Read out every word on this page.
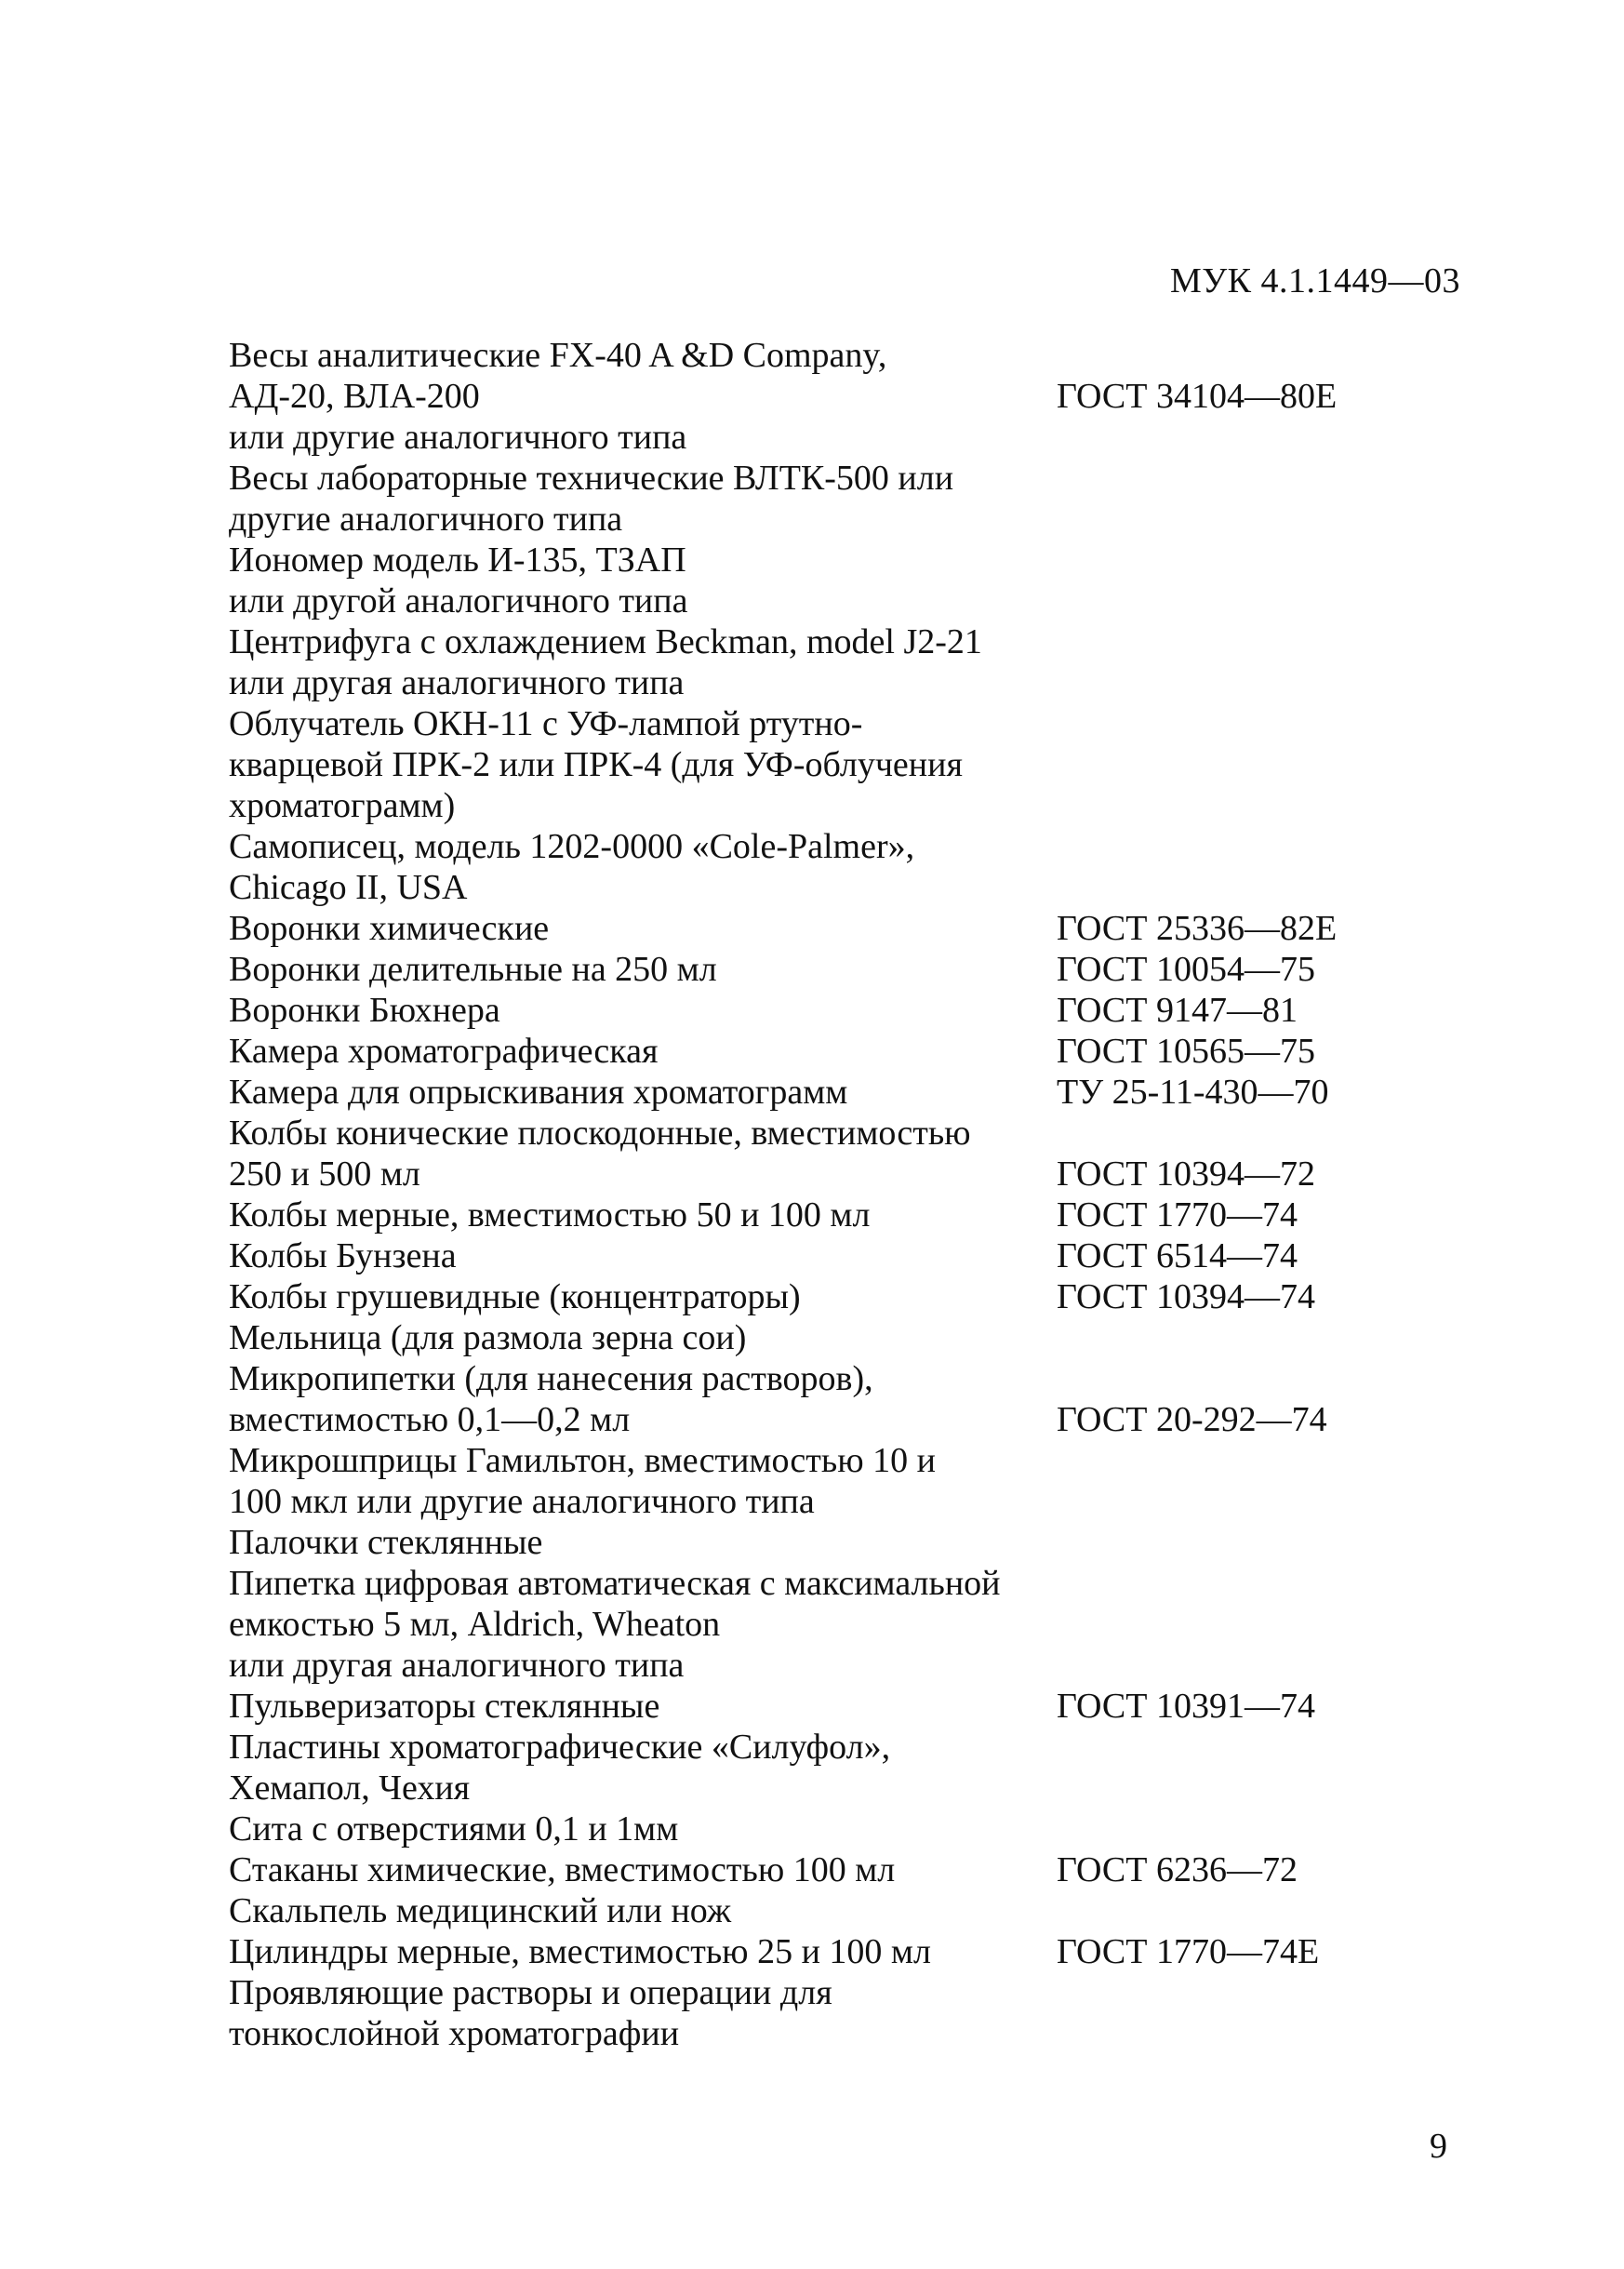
МУК 4.1.1449—03
Весы аналитические FX-40 A &D Company,
АД-20, ВЛА-200	ГОСТ 34104—80Е
или другие аналогичного типа
Весы лабораторные технические ВЛТК-500 или
другие аналогичного типа
Иономер модель И-135, ТЗАП
или другой аналогичного типа
Центрифуга с охлаждением Beckman, model J2-21
или другая аналогичного типа
Облучатель ОКН-11 с УФ-лампой ртутно-
кварцевой ПРК-2 или ПРК-4 (для УФ-облучения
хроматограмм)
Самописец, модель 1202-0000 «Cole-Palmer»,
Chicago II, USA
Воронки химические	ГОСТ 25336—82Е
Воронки делительные на 250 мл	ГОСТ 10054—75
Воронки Бюхнера	ГОСТ 9147—81
Камера хроматографическая	ГОСТ 10565—75
Камера для опрыскивания хроматограмм	ТУ 25-11-430—70
Колбы конические плоскодонные, вместимостью
250 и 500 мл	ГОСТ 10394—72
Колбы мерные, вместимостью 50 и 100 мл	ГОСТ 1770—74
Колбы Бунзена	ГОСТ 6514—74
Колбы грушевидные (концентраторы)	ГОСТ 10394—74
Мельница (для размола зерна сои)
Микропипетки (для нанесения растворов),
вместимостью 0,1—0,2 мл	ГОСТ 20-292—74
Микрошприцы Гамильтон, вместимостью 10 и
100 мкл или другие аналогичного типа
Палочки стеклянные
Пипетка цифровая автоматическая с максимальной
емкостью 5 мл, Aldrich, Wheaton
или другая аналогичного типа
Пульверизаторы стеклянные	ГОСТ 10391—74
Пластины хроматографические «Силуфол»,
Хемапол, Чехия
Сита с отверстиями 0,1 и 1мм
Стаканы химические, вместимостью 100 мл	ГОСТ 6236—72
Скальпель медицинский или нож
Цилиндры мерные, вместимостью 25 и 100 мл	ГОСТ 1770—74Е
Проявляющие растворы и операции для
тонкослойной хроматографии
9
